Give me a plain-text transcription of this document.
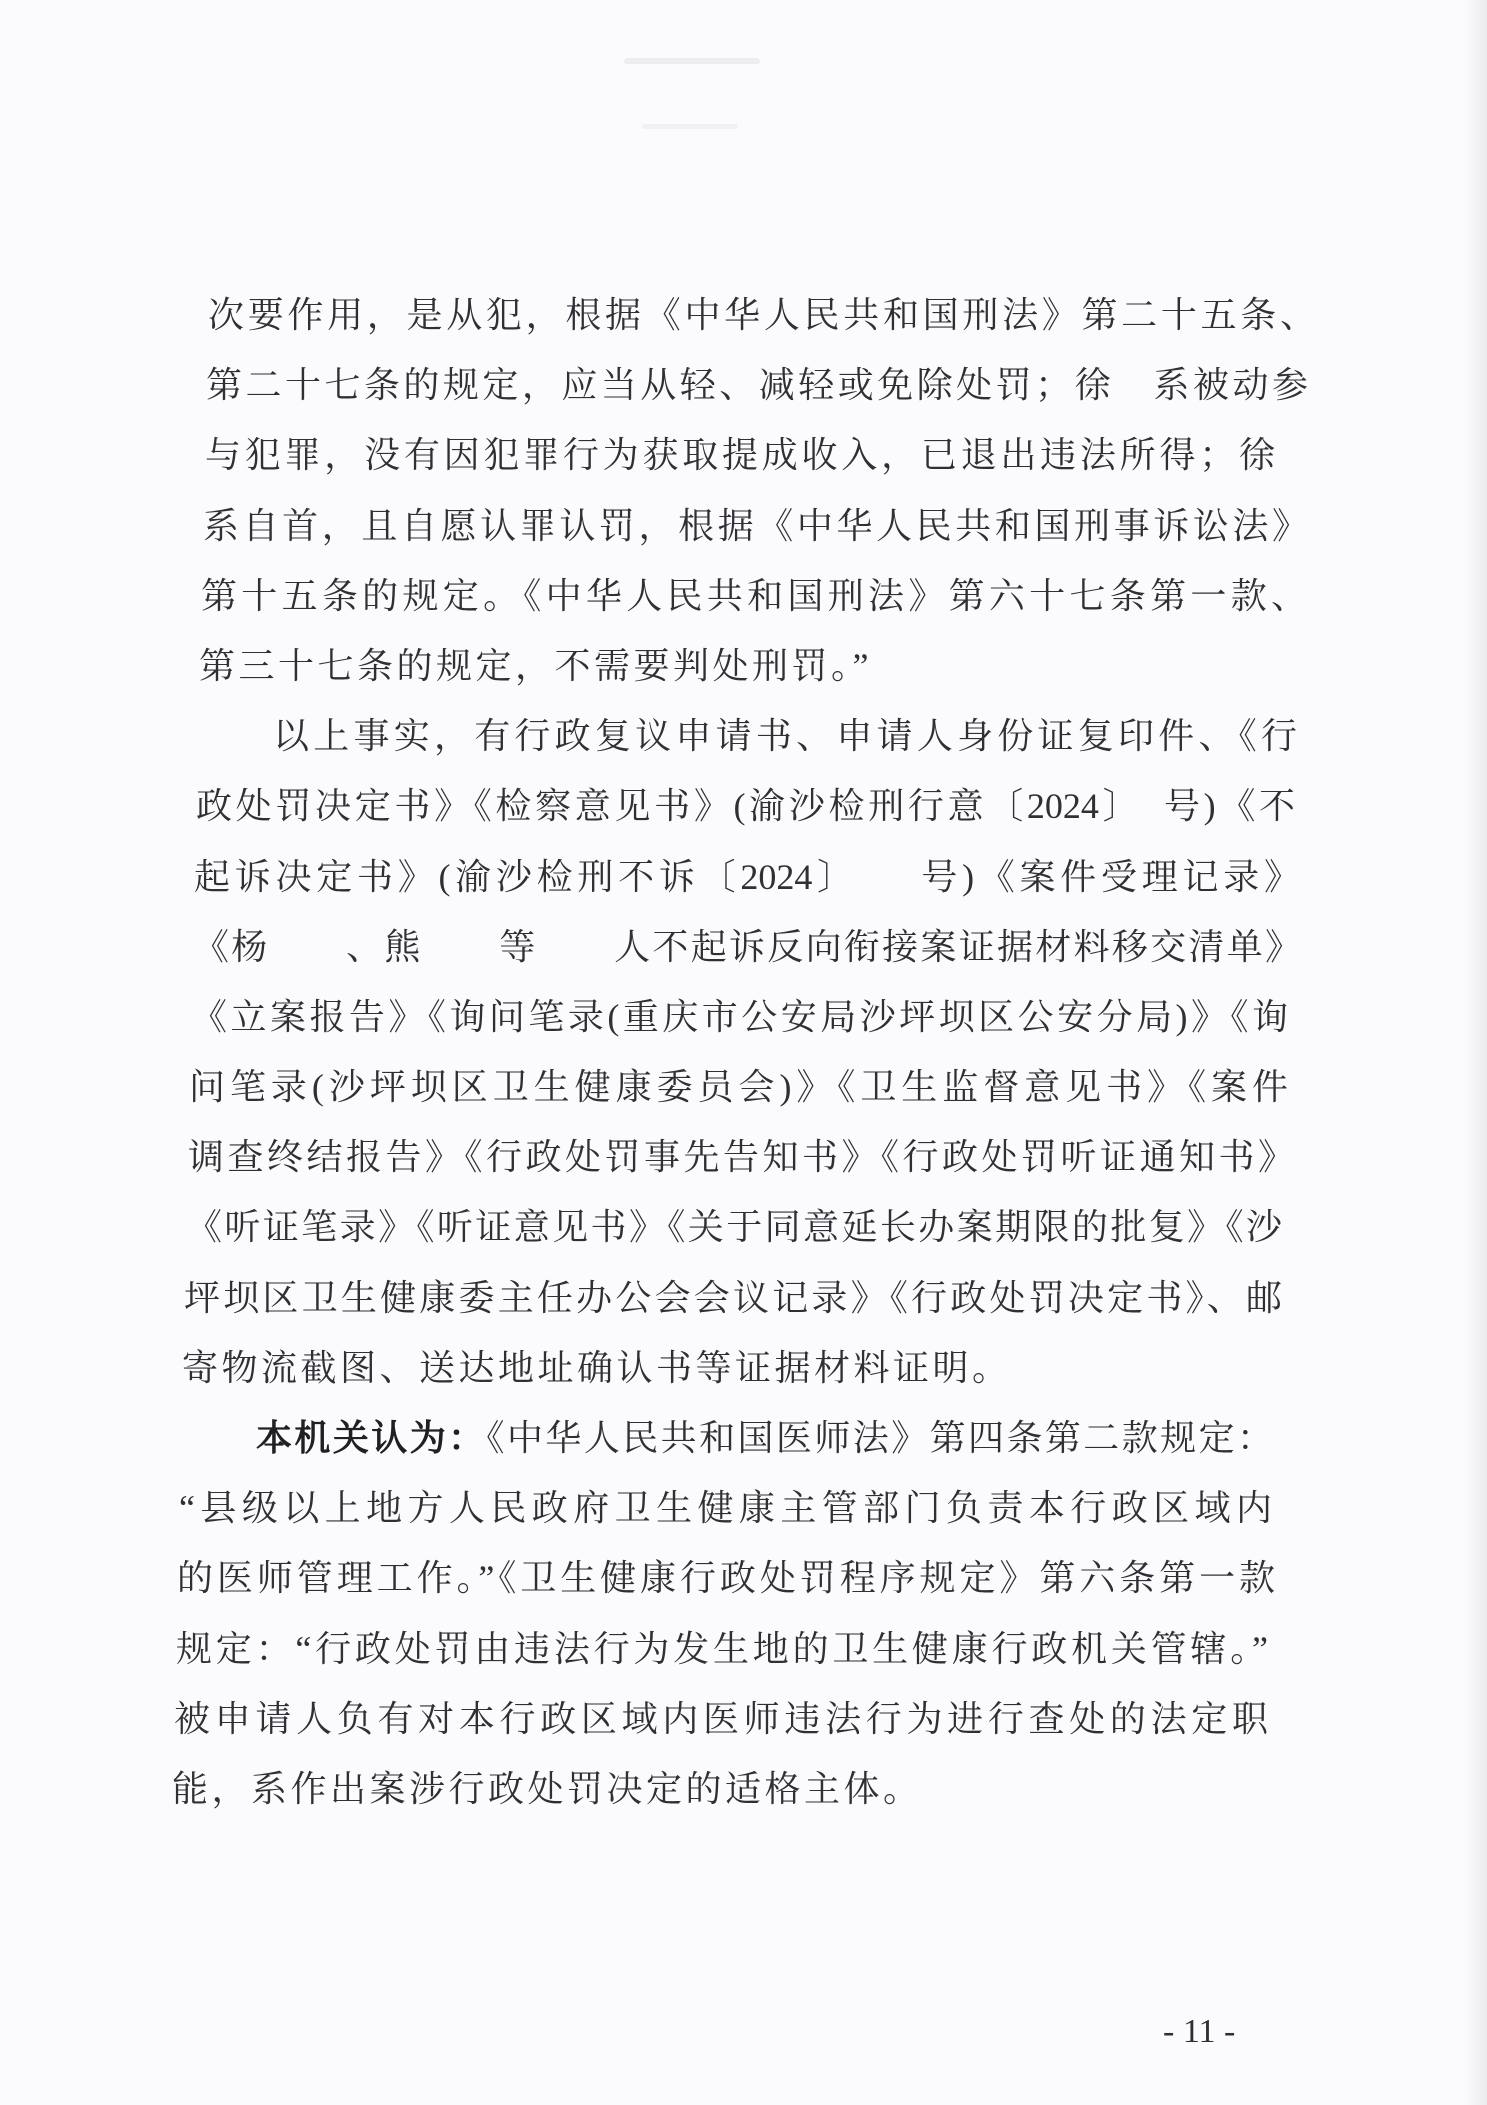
次要作用，是从犯，根据《中华人民共和国刑法》第二十五条、
第二十七条的规定，应当从轻、减轻或免除处罚；徐　系被动参
与犯罪，没有因犯罪行为获取提成收入，已退出违法所得；徐
系自首，且自愿认罪认罚，根据《中华人民共和国刑事诉讼法》
第十五条的规定。《中华人民共和国刑法》第六十七条第一款、
第三十七条的规定，不需要判处刑罚。”
以上事实，有行政复议申请书、申请人身份证复印件、《行
政处罚决定书》《检察意见书》(渝沙检刑行意〔2024〕　号)《不
起诉决定书》(渝沙检刑不诉〔2024〕　　号)《案件受理记录》
《杨　　、熊　　等　　人不起诉反向衔接案证据材料移交清单》
《立案报告》《询问笔录(重庆市公安局沙坪坝区公安分局)》《询
问笔录(沙坪坝区卫生健康委员会)》《卫生监督意见书》《案件
调查终结报告》《行政处罚事先告知书》《行政处罚听证通知书》
《听证笔录》《听证意见书》《关于同意延长办案期限的批复》《沙
坪坝区卫生健康委主任办公会会议记录》《行政处罚决定书》、邮
寄物流截图、送达地址确认书等证据材料证明。
本机关认为：《中华人民共和国医师法》第四条第二款规定：
“县级以上地方人民政府卫生健康主管部门负责本行政区域内
的医师管理工作。”《卫生健康行政处罚程序规定》第六条第一款
规定：“行政处罚由违法行为发生地的卫生健康行政机关管辖。”
被申请人负有对本行政区域内医师违法行为进行查处的法定职
能，系作出案涉行政处罚决定的适格主体。
- 11 -
